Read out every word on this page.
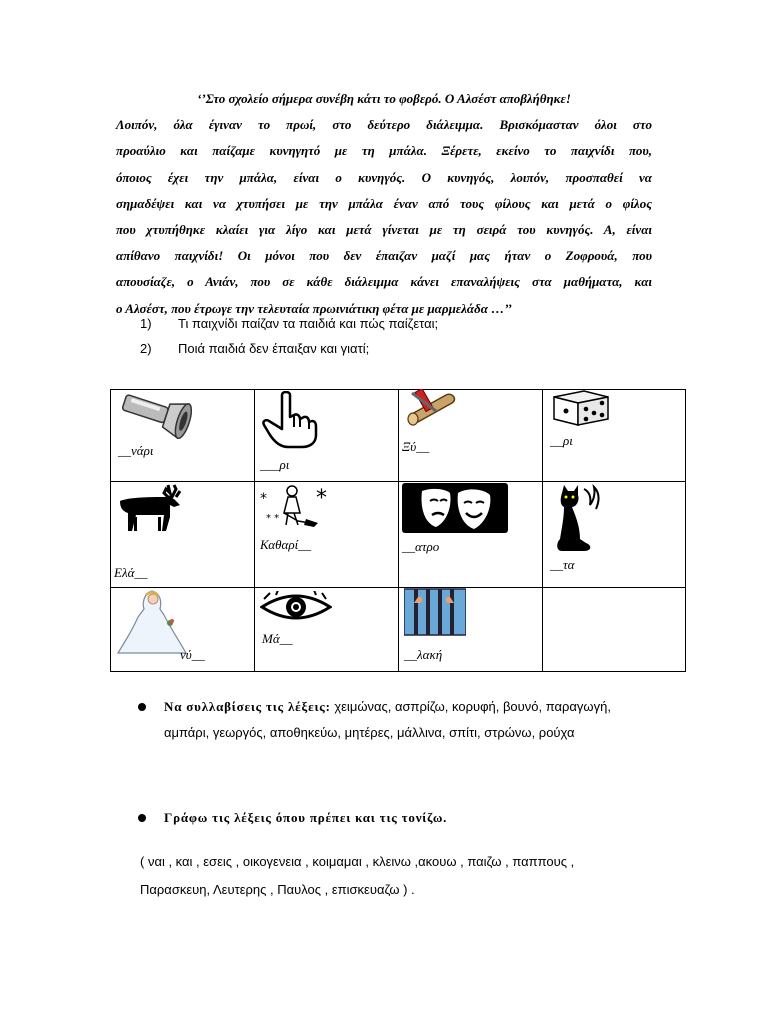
‘’Στο σχολείο σήμερα συνέβη κάτι το φοβερό. Ο Αλσέστ αποβλήθηκε!
Λοιπόν, όλα έγιναν το πρωί, στο δεύτερο διάλειμμα. Βρισκόμασταν όλοι στο
προαύλιο και παίζαμε κυνηγητό με τη μπάλα. Ξέρετε, εκείνο το παιχνίδι που,
όποιος έχει την μπάλα, είναι ο κυνηγός. Ο κυνηγός, λοιπόν, προσπαθεί να
σημαδέψει και να χτυπήσει με την μπάλα έναν από τους φίλους και μετά ο φίλος
που χτυπήθηκε κλαίει για λίγο και μετά γίνεται με τη σειρά του κυνηγός. Α, είναι
απίθανο παιχνίδι! Οι μόνοι που δεν έπαιζαν μαζί μας ήταν ο Ζοφρουά, που
απουσίαζε, ο Ανιάν, που σε κάθε διάλειμμα κάνει επαναλήψεις στα μαθήματα, και
ο Αλσέστ, που έτρωγε την τελευταία πρωινιάτικη φέτα με μαρμελάδα …’’
1) Τι παιχνίδι παίζαν τα παιδιά και πώς παίζεται;
2) Ποιά παιδιά δεν έπαιξαν και γιατί;
__νάρι
___ρι
Ξύ__	__ρι
Ελά__
* *
* *
Καθαρί__	__ατρο
__τα
νύ__
Μά__
__λακή
Να συλλαβίσεις τις λέξεις: χειμώνας, ασπρίζω, κορυφή, βουνό, παραγωγή, αμπάρι, γεωργός, αποθηκεύω, μητέρες, μάλλινα, σπίτι, στρώνω, ρούχα
Γράφω τις λέξεις όπου πρέπει και τις τονίζω.
( ναι , και , εσεις , οικογενεια , κοιμαμαι , κλεινω ,ακουω , παιζω , παππους ,
Παρασκευη, Λευτερης , Παυλος , επισκευαζω ) .
